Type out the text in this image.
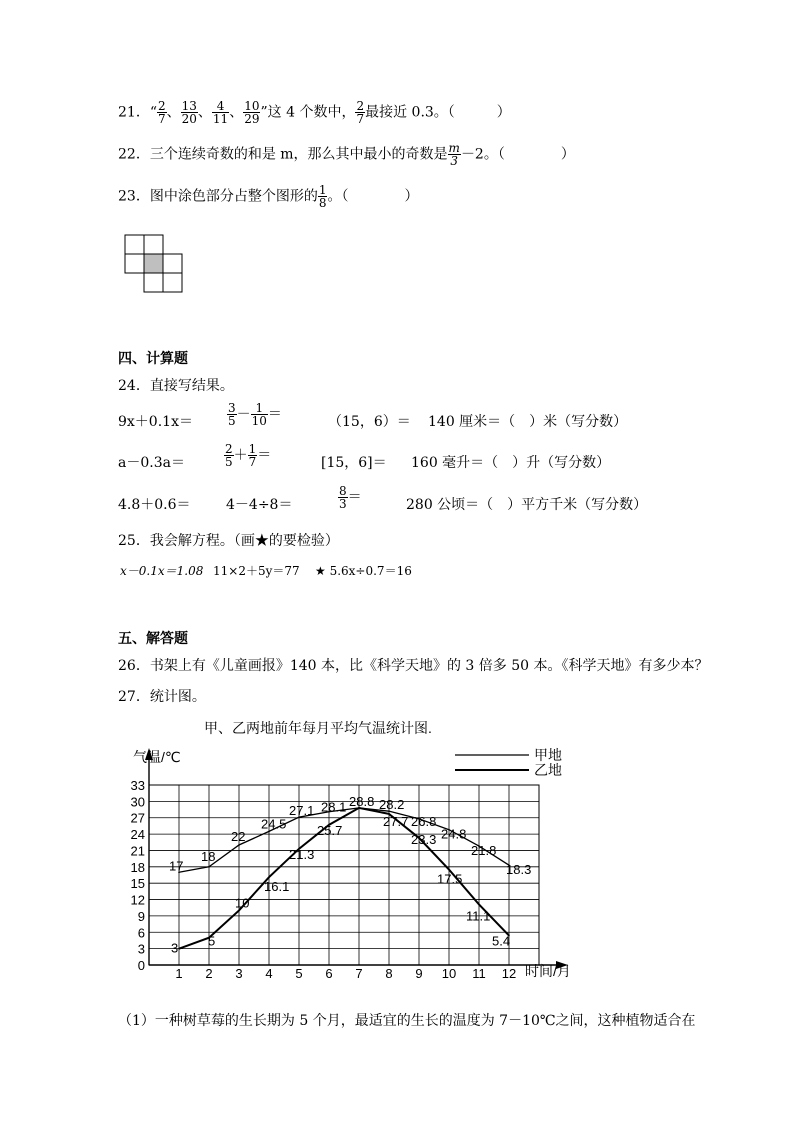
21．“ $\frac{2}{7}$ 、 $\frac{13}{20}$ 、 $\frac{4}{11}$ 、 $\frac{10}{29}$ ”这 4 个数中， $\frac{2}{7}$ 最接近 0.3。（　　　）
22．三个连续奇数的和是 m，那么其中最小的奇数是 $\frac{m}{3} -2$。（　　　　）
23．图中涂色部分占整个图形的 $\frac{1}{8}$ 。（　　　　）
四、计算题
24．直接写结果。
9x＋0.1x＝	$\frac{3}{5} - \frac{1}{10}$ ＝	（15，6）＝ 140 厘米＝（　）米（写分数）
a－0.3a＝	$\frac{2}{5} + \frac{1}{7}$ ＝	[15，6]＝ 160 毫升＝（　）升（写分数）
4.8＋0.6＝	4－4÷8＝	$\frac{8}{3}$ ＝	280 公顷＝（　）平方千米（写分数）
25．我会解方程。（画★的要检验）
x－0.1x＝1.08 11×2＋5y＝77 ★ 5.6x÷0.7＝16
五、解答题
26．书架上有《儿童画报》140 本，比《科学天地》的 3 倍多 50 本。《科学天地》有多少本？
27．统计图。
甲、乙两地前年每月平均气温统计图.
气温/℃
时间/月
0
3
6
9
12
15
18
21
24
27
30
33
1 2 3 4 5 6 7 8 9 10 11 12
17
18
22
24.5
27.1 28.1 28.8 28.2
26.8
24.8
21.8
18.3
3 5
10
16.1
21.3
25.7
27.7
23.3
17.5
11.1
5.4
甲地
乙地
（1）一种树草莓的生长期为 5 个月，最适宜的生长的温度为 7－10℃之间，这种植物适合在
